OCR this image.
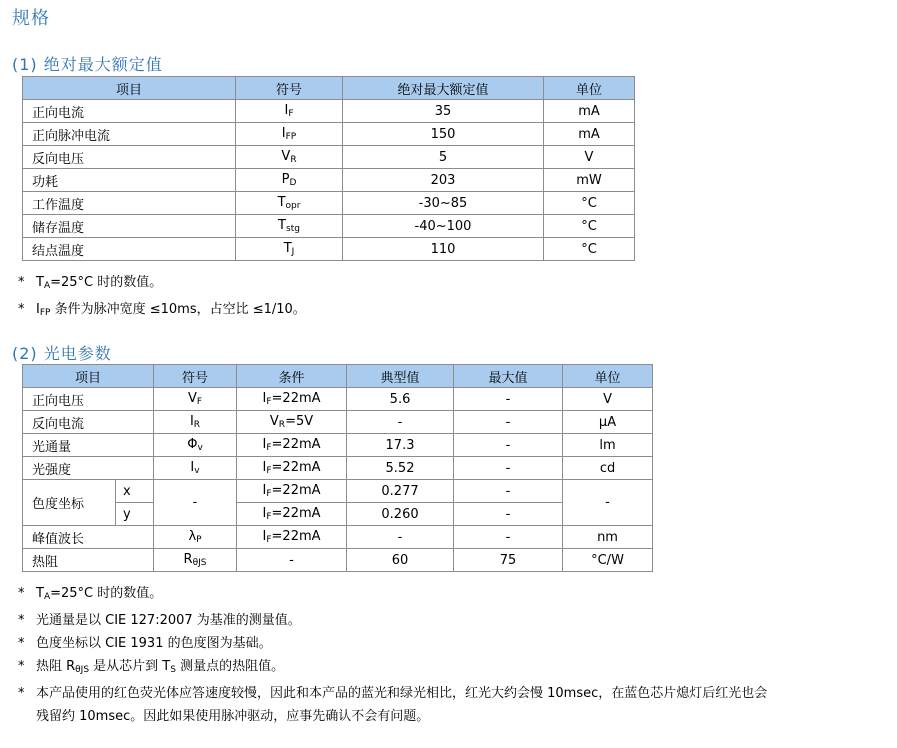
规格
(1) 绝对最大额定值
项目	符号	绝对最大额定值	单位
正向电流	IF	35	mA
正向脉冲电流	IFP	150	mA
反向电压	VR	5	V
功耗	PD	203	mW
工作温度	Topr	-30~85	°C
储存温度	Tstg	-40~100	°C
结点温度	TJ	110	°C
* TA=25°C 时的数值。
* IFP 条件为脉冲宽度 ≤10ms，占空比 ≤1/10。
(2) 光电参数
项目		符号	条件	典型值	最大值	单位
正向电压		VF	IF=22mA	5.6	-	V
反向电流		IR	VR=5V	-	-	μA
光通量		Φv	IF=22mA	17.3	-	lm
光强度		Iv	IF=22mA	5.52	-	cd
色度坐标	x	-	IF=22mA	0.277	-	-
	y		IF=22mA	0.260	-	
峰值波长		λP	IF=22mA	-	-	nm
热阻		RθJS	-	60	75	°C/W
* TA=25°C 时的数值。
* 光通量是以 CIE 127:2007 为基准的测量值。
* 色度坐标以 CIE 1931 的色度图为基础。
* 热阻 RθJS 是从芯片到 TS 测量点的热阻值。
* 本产品使用的红色荧光体应答速度较慢，因此和本产品的蓝光和绿光相比，红光大约会慢 10msec，在蓝色芯片熄灯后红光也会
残留约 10msec。因此如果使用脉冲驱动，应事先确认不会有问题。
